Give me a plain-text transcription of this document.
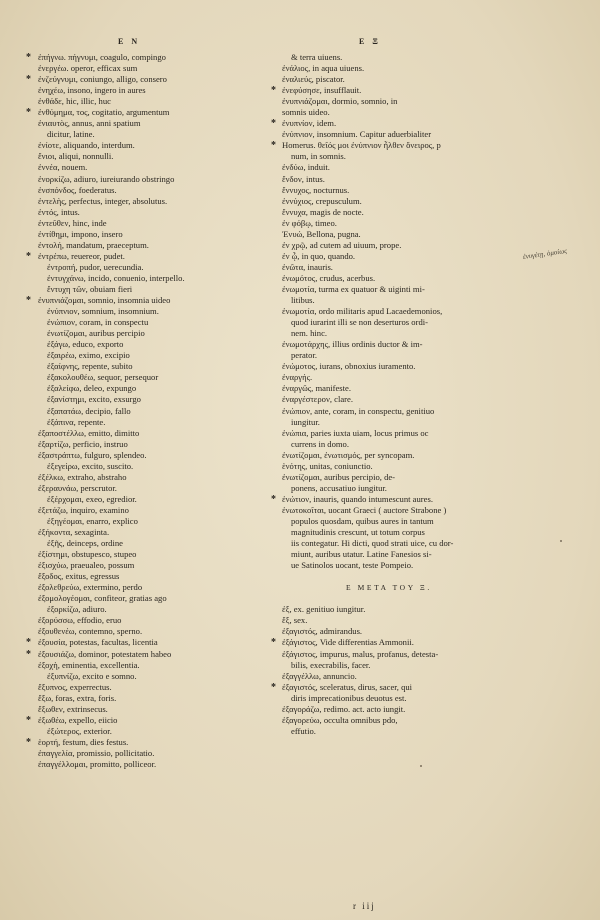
E N	E Ξ
* ἐπήγνω. πήγνυμι, coagulo, compingo
ἐνεργέω. operor, efficax sum
* ἐνζεύγνυμι, coniungo, alligo, consero
ἐνηχέω, insono, ingero in aures
ἐνθάδε, hic, illic, huc
* ἐνθύμημα, τος, cogitatio, argumentum
ἐνιαυτὸς, annus, anni spatium
dicitur, latine.
ἐνίοτε, aliquando, interdum.
ἔνιοι, aliqui, nonnulli.
ἐννέα, nouem.
ἐνορκίζω, adiuro, iureiurando obstringo
ἐνσπόνδος, foederatus.
ἐντελὴς, perfectus, integer, absolutus.
ἐντός, intus.
ἐντεῦθεν, hinc, inde
ἐντίθημι, impono, insero
ἐντολή, mandatum, praeceptum.
* ἐντρέπω, reuereor, pudet.
ἐντροπή, pudor, uerecundia.
ἐντυγχάνω, incido, conuenio, interpello.
ἔντυχη τῶν, obuiam fieri
* ἐνυπνιάζομαι, somnio, insomnia uideo
ἐνύπνιον, somnium, insomnium.
ἐνώπιον, coram, in conspectu
ἐνωτίζομαι, auribus percipio
ἐξάγω, educo, exporto
ἐξαιρέω, eximo, excipio
ἐξαίφνης, repente, subito
ἐξακολουθέω, sequor, persequor
ἐξαλείφω, deleo, expungo
ἐξανίστημι, excito, exsurgo
ἐξαπατάω, decipio, fallo
ἐξάπινα, repente.
ἐξαποστέλλω, emitto, dimitto
ἐξαρτίζω, perficio, instruo
ἐξαστράπτω, fulguro, splendeo.
ἐξεγείρω, excito, suscito.
ἐξέλκω, extraho, abstraho
ἐξεραυνάω, perscrutor.
ἐξέρχομαι, exeo, egredior.
ἐξετάζω, inquiro, examino
ἐξηγέομαι, enarro, explico
ἐξήκοντα, sexaginta.
ἐξῆς, deinceps, ordine
ἐξίστημι, obstupesco, stupeo
ἐξισχύω, praeualeo, possum
ἔξοδος, exitus, egressus
ἐξολεθρεύω, extermino, perdo
ἐξομολογέομαι, confiteor, gratias ago
ἐξορκίζω, adiuro.
ἐξορύσσω, effodio, eruo
ἐξουθενέω, contemno, sperno.
* ἐξουσία, potestas, facultas, licentia
* ἐξουσιάζω, dominor, potestatem habeo
ἐξοχὴ, eminentia, excellentia.
ἐξυπνίζω, excito e somno.
ἔξυπνος, experrectus.
ἔξω, foras, extra, foris.
ἔξωθεν, extrinsecus.
* ἐξωθέω, expello, eiicio
ἐξώτερος, exterior.
* ἑορτή, festum, dies festus.
ἐπαγγελία, promissio, pollicitatio.
ἐπαγγέλλομαι, promitto, polliceor.
& terra uiuens.
ἐνάλιος, in aqua uiuens.
ἐναλιεύς, piscator.
* ἐνεφύσησε, insufflauit.
ἐνυπνιάζομαι, dormio, somnio, in
somnis uideo.
* ἐνυπνίον, idem.
ἐνύπνιον, insomnium. Capitur aduerbialiter
* Homerus. θεῖός μοι ἐνύπνιον ἦλθεν ὄνειρος, p
num, in somnis.
ἐνδύω, induit.
ἔνδον, intus.
ἔννυχος, nocturnus.
ἐννύχιος, crepusculum.
ἔννυχα, magis de nocte.
ἐν φόβῳ, timeo.
Ἐνυώ, Bellona, pugna.
ἐν χρῷ, ad cutem ad uiuum, prope.
ἐν ᾧ, in quo, quando.
ἐνῶτα, inauris.
ἐνωμότος, crudus, acerbus.
ἐνωμοτία, turma ex quatuor & uiginti mi-
litibus.
ἐνωμοτία, ordo militaris apud Lacaedemonios,
quod iurarint illi se non deserturos ordi-
nem. hinc.
ἐνωμοτάρχης, illius ordinis ductor & im-
perator.
ἐνώμοτος, iurans, obnoxius iuramento.
ἐναργής.
ἐναργῶς, manifeste.
ἐναργέστερον, clare.
ἐνώπιον, ante, coram, in conspectu, genitiuo
iungitur.
ἐνώπια, paries iuxta uiam, locus primus oc
currens in domo.
ἐνωτίζομαι, ἐνωτισμός, per syncopam.
ἑνότης, unitas, coniunctio.
ἐνωτίζομαι, auribus percipio, de-
ponens, accusatiuo iungitur.
* ἐνώτιον, inauris, quando intumescunt aures.
ἐνωτοκοῖται, uocant Graeci ( auctore Strabone )
populos quosdam, quibus aures in tantum
magnitudinis crescunt, ut totum corpus
iis contegatur. Hi dicti, quod strati uice, cu dor-
miunt, auribus utatur. Latine Fanesios si-
ue Satinolos uocant, teste Pompeio.
E META TOY Ξ.
ἐξ, ex. genitiuo iungitur.
ἕξ, sex.
ἐξαγιστός, admirandus.
* ἐξάγιστος, Vide differentias Ammonii.
ἐξάγιστος, impurus, malus, profanus, detesta-
bilis, execrabilis, facer.
ἐξαγγέλλω, annuncio.
* ἐξαγιστός, sceleratus, dirus, sacer, qui
diris imprecationibus deuotus est.
ἐξαγοράζω, redimo. act. acto iungit.
ἐξαγορεύω, occulta omnibus pdo,
effutio.
ἐνυγέτῃ, ὁμοίως
r iij
